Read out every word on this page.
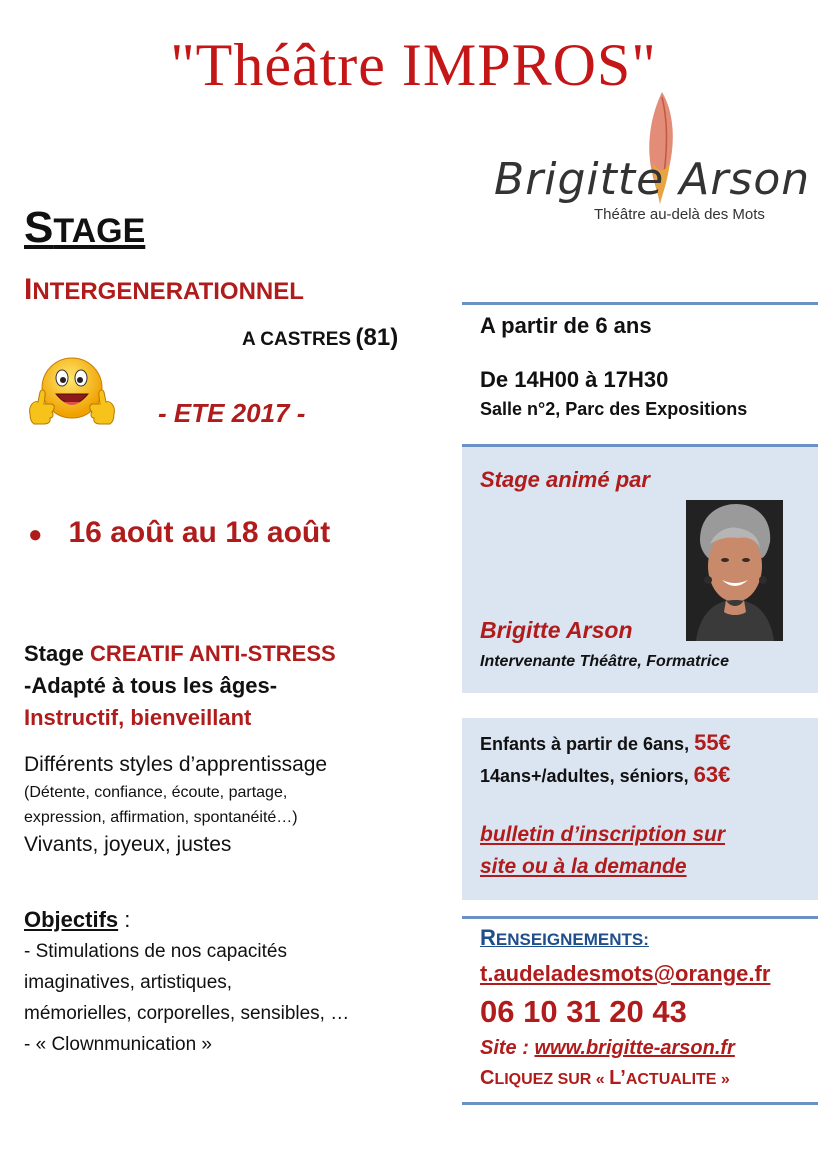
"Théâtre IMPROS"
Brigitte Arson
Théâtre au-delà des Mots
STAGE
INTERGENERATIONNEL
A CASTRES (81)
- ETE 2017 -
● 16 août au 18 août
Stage CREATIF ANTI-STRESS
-Adapté à tous les âges-
Instructif, bienveillant
Différents styles d’apprentissage
(Détente, confiance, écoute, partage,
expression, affirmation, spontanéité…)
Vivants, joyeux, justes
Objectifs :
- Stimulations de nos capacités
imaginatives, artistiques,
mémorielles, corporelles, sensibles, …
- « Clownmunication »
A partir de 6 ans
De 14H00 à 17H30
Salle n°2, Parc des Expositions
Stage animé par
Brigitte Arson
Intervenante Théâtre, Formatrice
Enfants à partir de 6ans, 55€
14ans+/adultes, séniors, 63€
bulletin d’inscription sur
site ou à la demande
RENSEIGNEMENTS:
t.audeladesmots@orange.fr
06 10 31 20 43
Site : www.brigitte-arson.fr
CLIQUEZ SUR « L’ACTUALITE »
